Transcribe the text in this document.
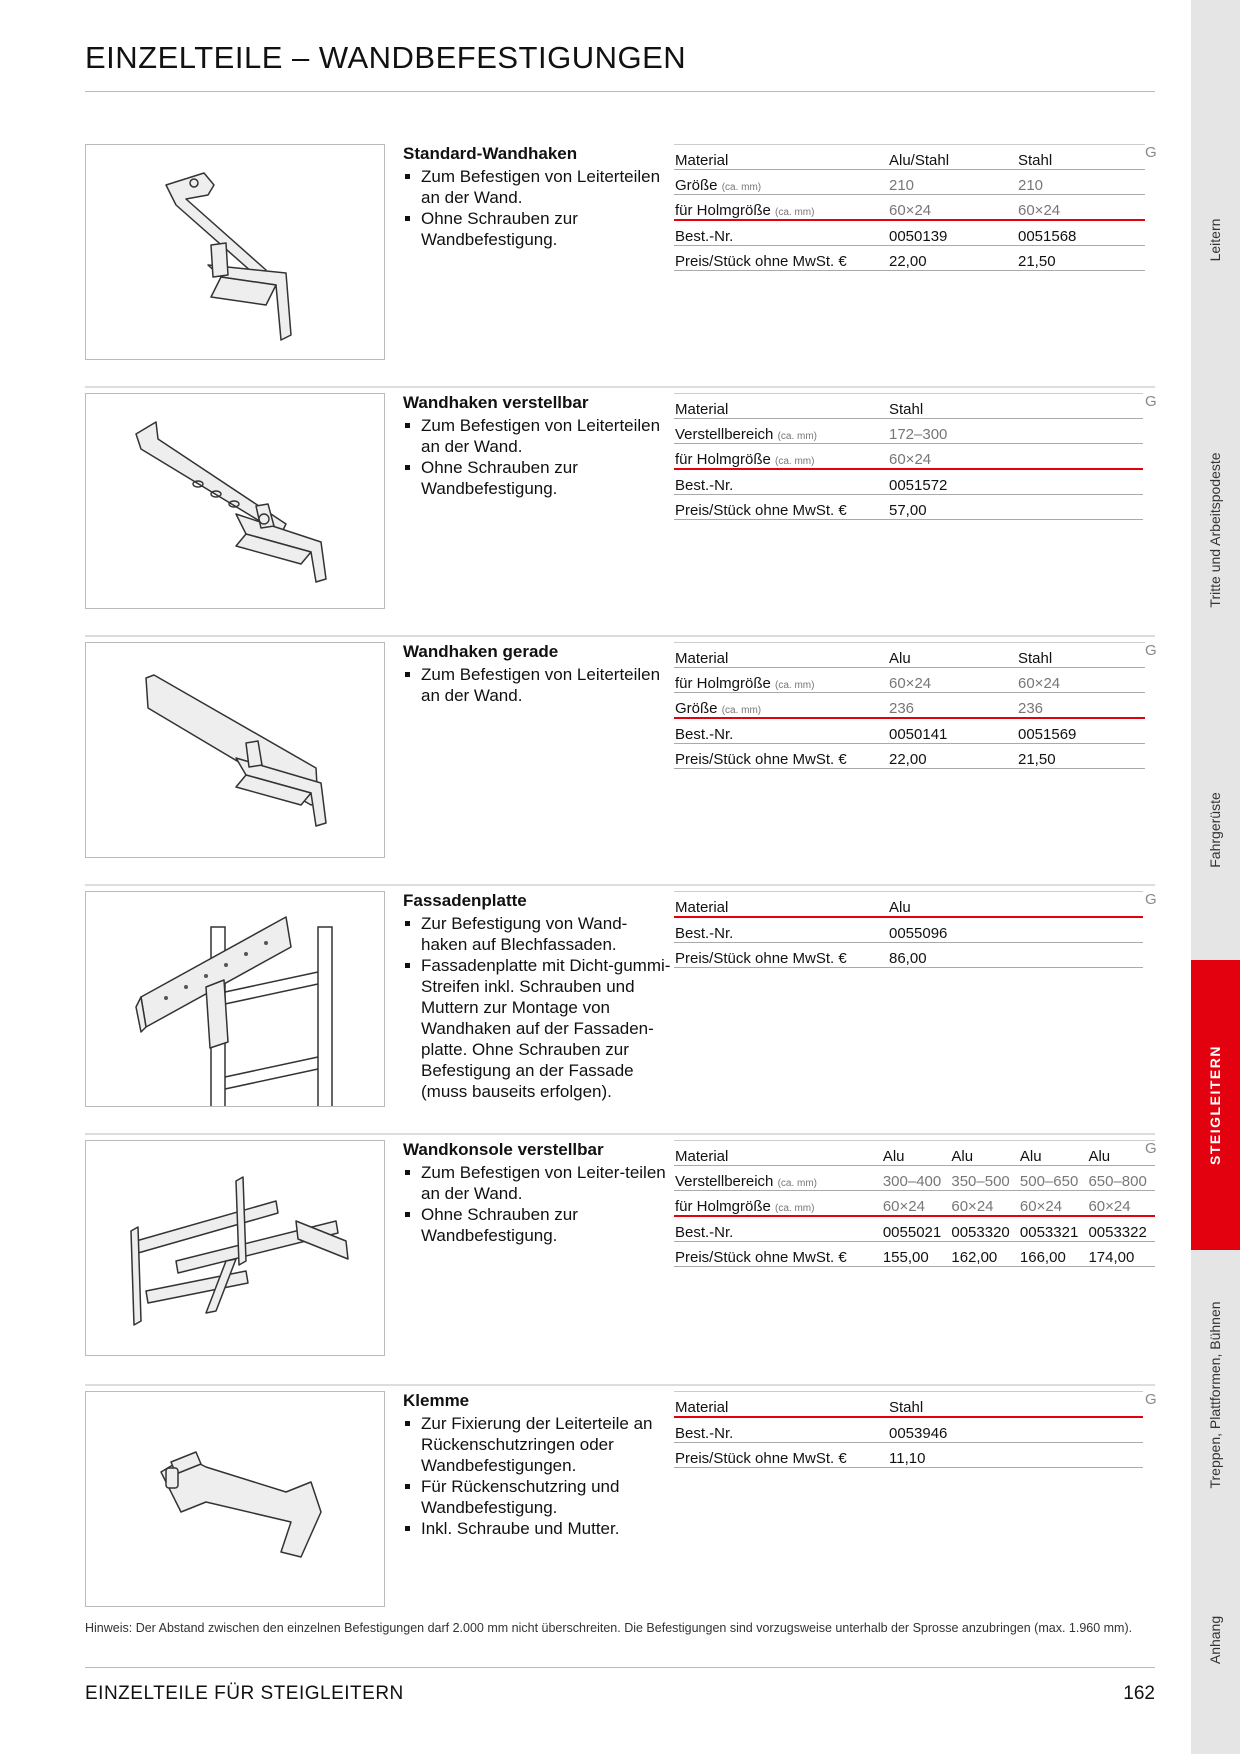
EINZELTEILE – WANDBEFESTIGUNGEN
Standard-Wandhaken
Zum Befestigen von Leiterteilen an der Wand.
Ohne Schrauben zur Wandbefestigung.
Material	Alu/Stahl	Stahl
Größe (ca. mm)	210	210
für Holmgröße (ca. mm)	60×24	60×24
Best.-Nr.	0050139	0051568
Preis/Stück ohne MwSt. €	22,00	21,50
G
Wandhaken verstellbar
Zum Befestigen von Leiterteilen an der Wand.
Ohne Schrauben zur Wandbefestigung.
Material	Stahl
Verstellbereich (ca. mm)	172–300
für Holmgröße (ca. mm)	60×24
Best.-Nr.	0051572
Preis/Stück ohne MwSt. €	57,00
G
Wandhaken gerade
Zum Befestigen von Leiterteilen an der Wand.
Material	Alu	Stahl
für Holmgröße (ca. mm)	60×24	60×24
Größe (ca. mm)	236	236
Best.-Nr.	0050141	0051569
Preis/Stück ohne MwSt. €	22,00	21,50
G
Fassadenplatte
Zur Befestigung von Wand-haken auf Blechfassaden.
Fassadenplatte mit Dicht-gummi-Streifen inkl. Schrauben und Muttern zur Montage von Wandhaken auf der Fassaden-platte. Ohne Schrauben zur Befestigung an der Fassade (muss bauseits erfolgen).
Material	Alu
Best.-Nr.	0055096
Preis/Stück ohne MwSt. €	86,00
G
Wandkonsole verstellbar
Zum Befestigen von Leiter-teilen an der Wand.
Ohne Schrauben zur Wandbefestigung.
Material	Alu	Alu	Alu	Alu
Verstellbereich (ca. mm)	300–400	350–500	500–650	650–800
für Holmgröße (ca. mm)	60×24	60×24	60×24	60×24
Best.-Nr.	0055021	0053320	0053321	0053322
Preis/Stück ohne MwSt. €	155,00	162,00	166,00	174,00
G
Klemme
Zur Fixierung der Leiterteile an Rückenschutzringen oder Wandbefestigungen.
Für Rückenschutzring und Wandbefestigung.
Inkl. Schraube und Mutter.
Material	Stahl
Best.-Nr.	0053946
Preis/Stück ohne MwSt. €	11,10
G
Hinweis: Der Abstand zwischen den einzelnen Befestigungen darf 2.000 mm nicht überschreiten. Die Befestigungen sind vorzugsweise unterhalb der Sprosse anzubringen (max. 1.960 mm).
EINZELTEILE FÜR STEIGLEITERN	162
Leitern
Tritte und Arbeitspodeste
Fahrgerüste
STEIGLEITERN
Treppen, Plattformen, Bühnen
Anhang
